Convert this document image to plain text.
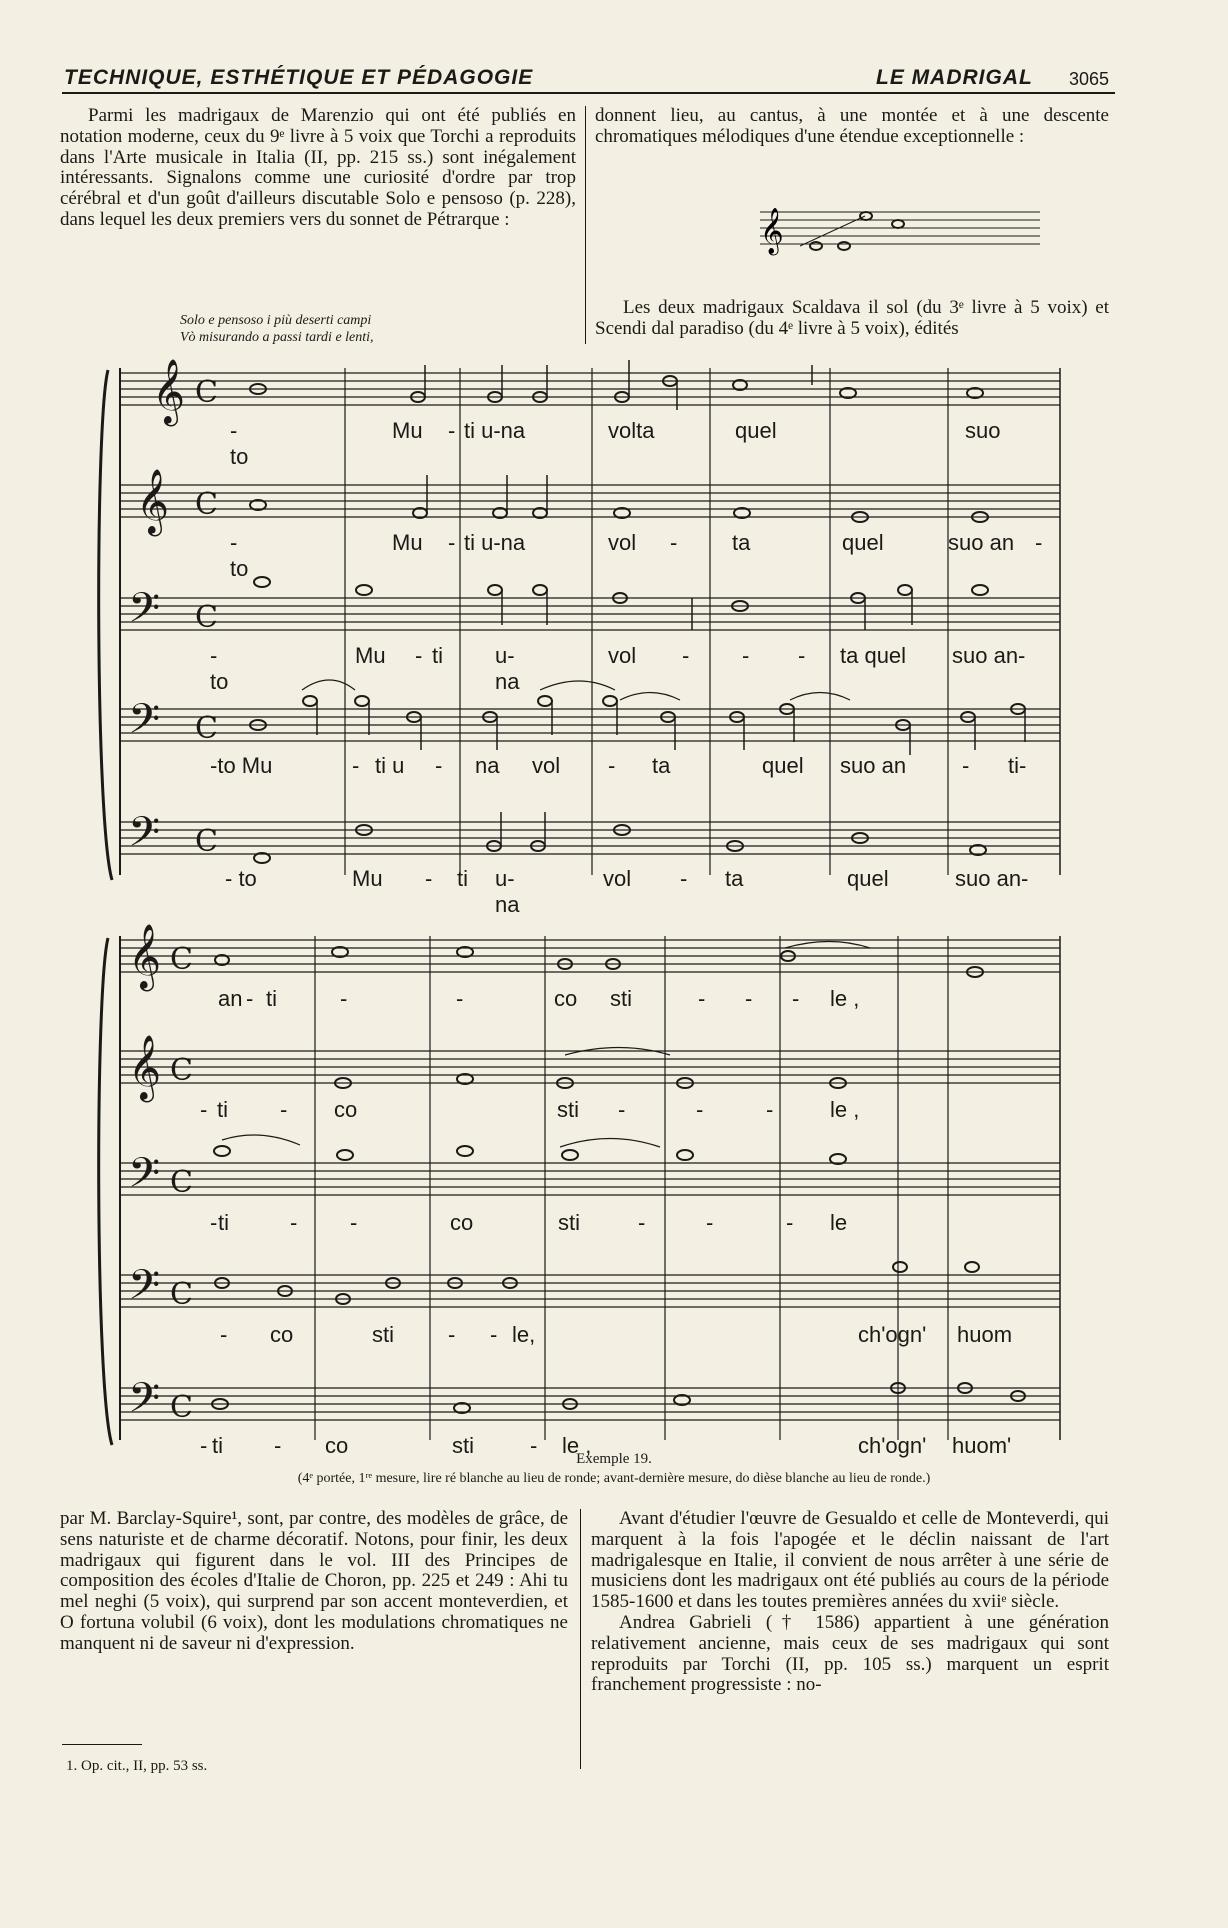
TECHNIQUE, ESTHÉTIQUE ET PÉDAGOGIE	LE MADRIGAL 3065

Parmi les madrigaux de Marenzio qui ont été publiés en notation moderne, ceux du 9ᵉ livre à 5 voix que Torchi a reproduits dans l'Arte musicale in Italia (II, pp. 215 ss.) sont inégalement intéressants. Signalons comme une curiosité d'ordre par trop cérébral et d'un goût d'ailleurs discutable Solo e pensoso (p. 228), dans lequel les deux premiers vers du sonnet de Pétrarque :

Solo e pensoso i più deserti campi
Vò misurando a passi tardi e lenti,

donnent lieu, au cantus, à une montée et à une descente chromatiques mélodiques d'une étendue exceptionnelle :

Les deux madrigaux Scaldava il sol (du 3ᵉ livre à 5 voix) et Scendi dal paradiso (du 4ᵉ livre à 5 voix), édités

𝄞
𝄞 C
𝄞 C
𝄢 C
𝄢 C
𝄢 C
𝄞 C
𝄞 C
𝄢 C
𝄢 C
𝄢 C
-to
Mu - ti u-na	volta	quel	suo
-to
Mu - ti u-na	vol - ta	quel	suo an -
-to
Mu - ti u-na
vol - - - ta quel suo an-
-to Mu	- ti u - na vol - ta	quel suo an	- ti-
- to	Mu - ti u-na
vol - ta	quel	suo an-
an - ti	-	-	co sti	- - - le ,
- ti - co	sti -	-	-	le ,
- ti	- -	co	sti	-	-	- le
- co	sti - - le,	ch'ogn' huom
- ti - co	sti	- le ,	ch'ogn' huom'
Exemple 19.
(4ᵉ portée, 1ʳᵉ mesure, lire ré blanche au lieu de ronde; avant-dernière mesure, do dièse blanche au lieu de ronde.)

par M. Barclay-Squire¹, sont, par contre, des modèles de grâce, de sens naturiste et de charme décoratif. Notons, pour finir, les deux madrigaux qui figurent dans le vol. III des Principes de composition des écoles d'Italie de Choron, pp. 225 et 249 : Ahi tu mel neghi (5 voix), qui surprend par son accent monteverdien, et O fortuna volubil (6 voix), dont les modulations chromatiques ne manquent ni de saveur ni d'expression.

Avant d'étudier l'œuvre de Gesualdo et celle de Monteverdi, qui marquent à la fois l'apogée et le déclin naissant de l'art madrigalesque en Italie, il convient de nous arrêter à une série de musiciens dont les madrigaux ont été publiés au cours de la période 1585-1600 et dans les toutes premières années du xviiᵉ siècle.

Andrea Gabrieli († 1586) appartient à une génération relativement ancienne, mais ceux de ses madrigaux qui sont reproduits par Torchi (II, pp. 105 ss.) marquent un esprit franchement progressiste : no-

1. Op. cit., II, pp. 53 ss.
